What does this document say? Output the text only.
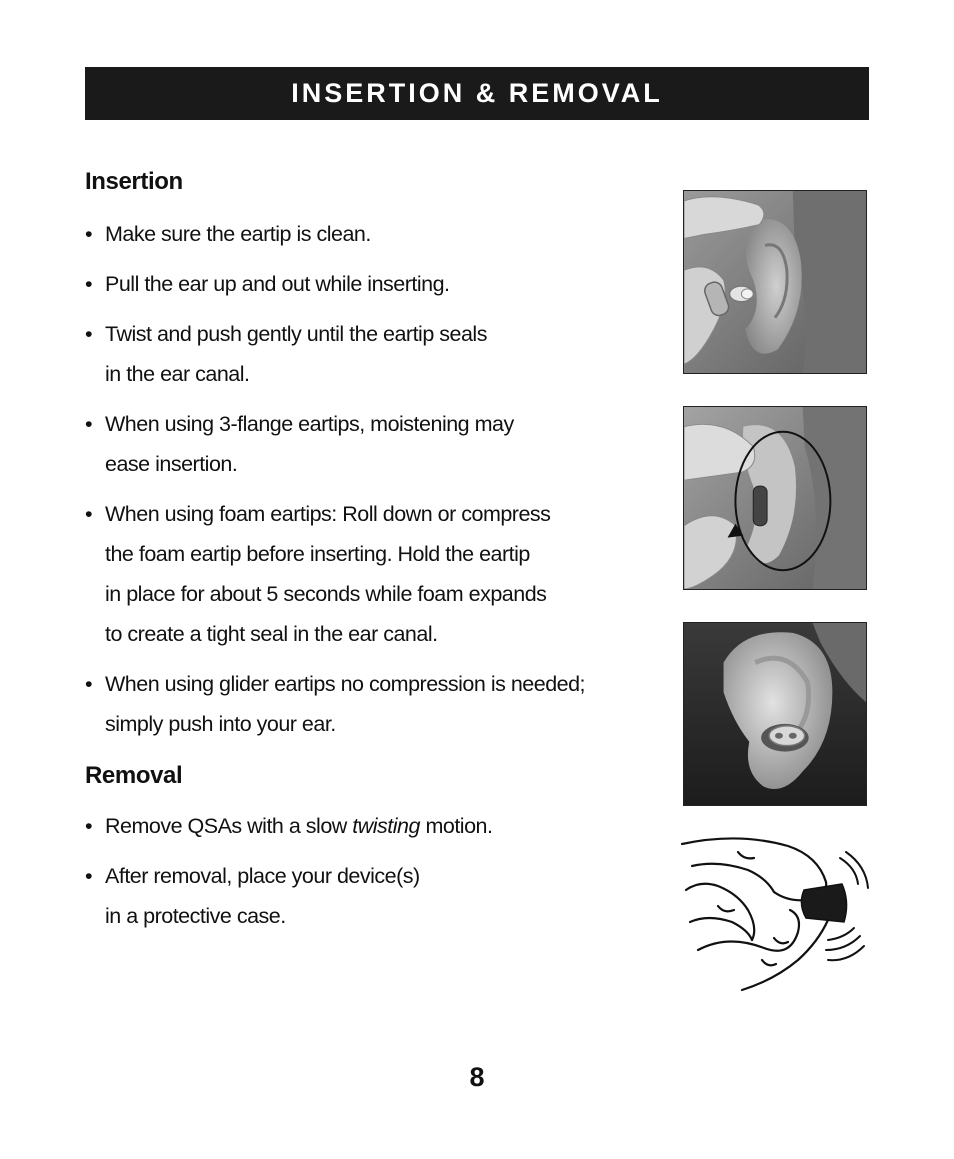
INSERTION & REMOVAL
Insertion
• Make sure the eartip is clean.
• Pull the ear up and out while inserting.
• Twist and push gently until the eartip seals
in the ear canal.
• When using 3-flange eartips, moistening may
ease insertion.
• When using foam eartips: Roll down or compress
the foam eartip before inserting. Hold the eartip
in place for about 5 seconds while foam expands
to create a tight seal in the ear canal.
• When using glider eartips no compression is needed;
simply push into your ear.
Removal
• Remove QSAs with a slow twisting motion.
• After removal, place your device(s)
in a protective case.
8
